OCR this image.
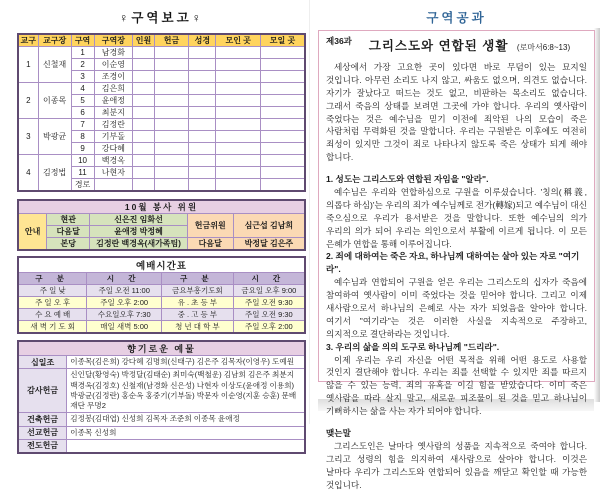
♀구역보고♀
교구	교구장	구역	구역장	인원	헌금	성경	모인 곳	모일 곳
1	신철재	1	남경화					
		2	이순영					
		3	조경이					
2	이종목	4	김은희					
		5	윤애정					
		6	최분지					
3	박광균	7	김정란					
		8	기부돌					
		9	강다혜					
4	김정법	10	백경옥					
		11	나현자					
		경로						
10월 봉사 위원				
안내	현관	신은진 임화선	헌금위원	심근섭 김남희
	다음달	윤애정 박정혜		
	본당	김정란 백경옥(새가족팀)	다음달	박정달 김은주
예배시간표			
구 분	시 간	구 분	시 간
주 일 낮	주일 오전 11:00	금요부흥기도회	금요일 오후 9:00
주 일 오 후	주일 오후 2:00	유 . 초 등 부	주일 오전 9:30
수 요 예 배	수요일오후 7:30	중 . 고 등 부	주일 오전 9:30
새 벽 기 도 회	매일 새벽 5:00	청 년 대 학 부	주일 오후 2:00
향기로운 예물	
십일조	이종목(김은희) 강다혜 김명희(신태구) 김은주 김목자(이영우) 도예원
감사헌금	신인달(황영숙) 박정달(김태순) 최미숙(백철운) 김남희 김은주 최분지 백경옥(김정호) 신철재(남경화 신은성) 나현자 이상도(윤애정 이용희) 박광균(김정란) 홍순옥 홍중기(기부돌) 박문자 이순영(지훈 승훈) 문배재단 무명2
건축헌금	김정봉(김대엽) 신성희 김목자 조준희 이종목 윤애정
선교헌금	이종목 신성희
전도헌금	
구역공과
제36과	그리스도와 연합된 생활 (로마서6:8~13)

세상에서 가장 고요한 곳이 있다면 바로 무덤이 있는 묘지일 것입니다. 아무런 소리도 나지 않고, 싸움도 없으며, 의견도 없습니다. 자기가 잘났다고 떠드는 것도 없고, 비판하는 목소리도 없습니다. 그래서 죽음의 상태를 보려면 그곳에 가야 합니다. 우리의 옛사람이 죽었다는 것은 예수님을 믿기 이전에 죄악된 나의 모습이 죽은 사람처럼 무력화된 것을 말합니다. 우리는 구원받은 이후에도 여전히 죄성이 있지만 그것이 죄로 나타나지 않도록 죽은 상태가 되게 해야 합니다.

1. 성도는 그리스도와 연합된 자임을 "알라".

예수님은 우리와 연합하심으로 구원을 이루셨습니다. '칭의(稱義, 의롭다 하심)'는 우리의 죄가 예수님께로 전가(轉嫁)되고 예수님이 대신 죽으심으로 우리가 용서받은 것을 말합니다. 또한 예수님의 의가 우리의 의가 되어 우리는 의인으로서 부활에 이르게 됩니다. 이 모든 은혜가 연합을 통해 이루어집니다.

2. 죄에 대하여는 죽은 자요, 하나님께 대하여는 살아 있는 자로 "여기라".

예수님과 연합되어 구원을 얻은 우리는 그리스도의 십자가 죽음에 참여하여 옛사람이 이미 죽었다는 것을 믿어야 합니다. 그리고 이제 새사람으로서 하나님의 은혜로 사는 자가 되었음을 알아야 합니다. 여기서 "여기라"는 것은 이러한 사실을 지속적으로 주장하고, 의지적으로 결단하라는 것입니다.

3. 우리의 삶을 의의 도구로 하나님께 "드리라".

이제 우리는 우리 자신을 어떤 목적을 위해 어떤 용도로 사용할 것인지 결단해야 합니다. 우리는 죄를 선택할 수 있지만 죄를 따르지 않을 수 있는 능력, 죄의 유혹을 이길 힘을 받았습니다. 이미 죽은 옛사람을 따라 살지 말고, 새로운 피조물이 된 것을 믿고 하나님이 기뻐하시는 삶을 사는 자가 되어야 합니다.

맺는말

그리스도인은 날마다 옛사람의 성품을 지속적으로 죽여야 합니다. 그리고 성령의 힘을 의지하여 새사람으로 살아야 합니다. 이것은 날마다 우리가 그리스도와 연합되어 있음을 깨닫고 확인할 때 가능한 것입니다.
